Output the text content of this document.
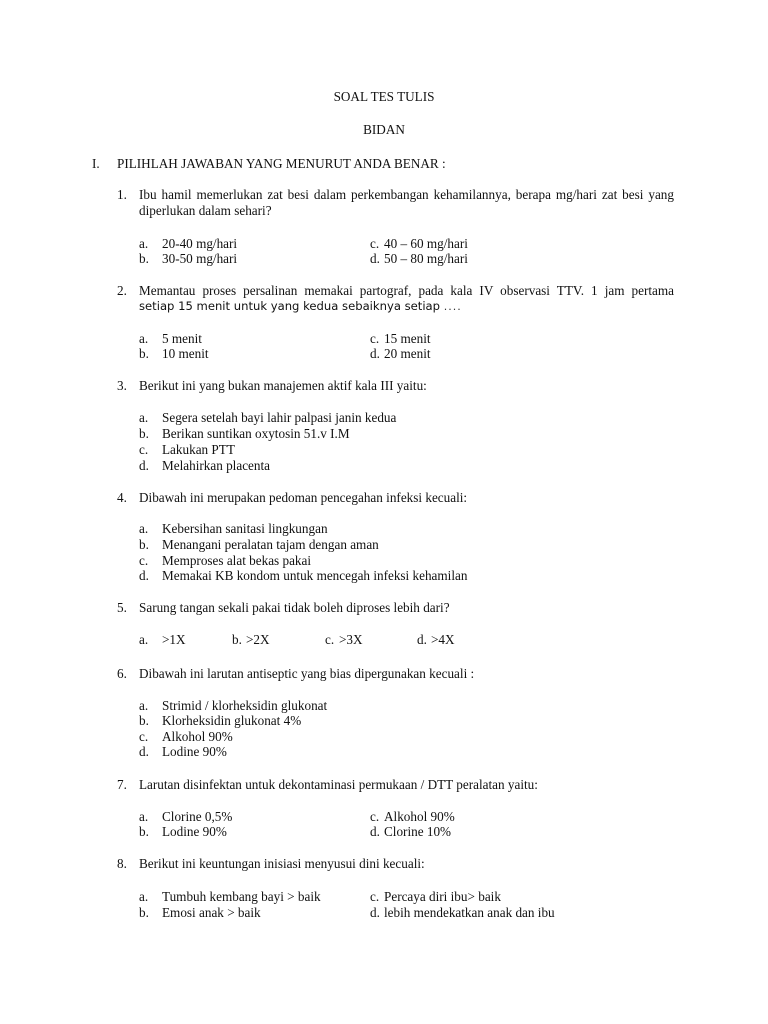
SOAL TES TULIS
BIDAN
I. PILIHLAH JAWABAN YANG MENURUT ANDA BENAR :
1. Ibu hamil memerlukan zat besi dalam perkembangan kehamilannya, berapa mg/hari zat besi yang diperlukan dalam sehari?
a. 20-40 mg/hari
b. 30-50 mg/hari
c. 40 – 60 mg/hari
d. 50 – 80 mg/hari
2. Memantau proses persalinan memakai partograf, pada kala IV observasi TTV. 1 jam pertama
setiap 15 menit untuk yang kedua sebaiknya setiap ....
a. 5 menit
b. 10 menit
c. 15 menit
d. 20 menit
3. Berikut ini yang bukan manajemen aktif kala III yaitu:
a. Segera setelah bayi lahir palpasi janin kedua
b. Berikan suntikan oxytosin 51.v I.M
c. Lakukan PTT
d. Melahirkan placenta
4. Dibawah ini merupakan pedoman pencegahan infeksi kecuali:
a. Kebersihan sanitasi lingkungan
b. Menangani peralatan tajam dengan aman
c. Memproses alat bekas pakai
d. Memakai KB kondom untuk mencegah infeksi kehamilan
5. Sarung tangan sekali pakai tidak boleh diproses lebih dari?
a. >1X	b. >2X	c. >3X	d. >4X
6. Dibawah ini larutan antiseptic yang bias dipergunakan kecuali :
a. Strimid / klorheksidin glukonat
b. Klorheksidin glukonat 4%
c. Alkohol 90%
d. Lodine 90%
7. Larutan disinfektan untuk dekontaminasi permukaan / DTT peralatan yaitu:
a. Clorine 0,5%
b. Lodine 90%
c. Alkohol 90%
d. Clorine 10%
8. Berikut ini keuntungan inisiasi menyusui dini kecuali:
a. Tumbuh kembang bayi > baik
b. Emosi anak > baik
c. Percaya diri ibu> baik
d. lebih mendekatkan anak dan ibu
